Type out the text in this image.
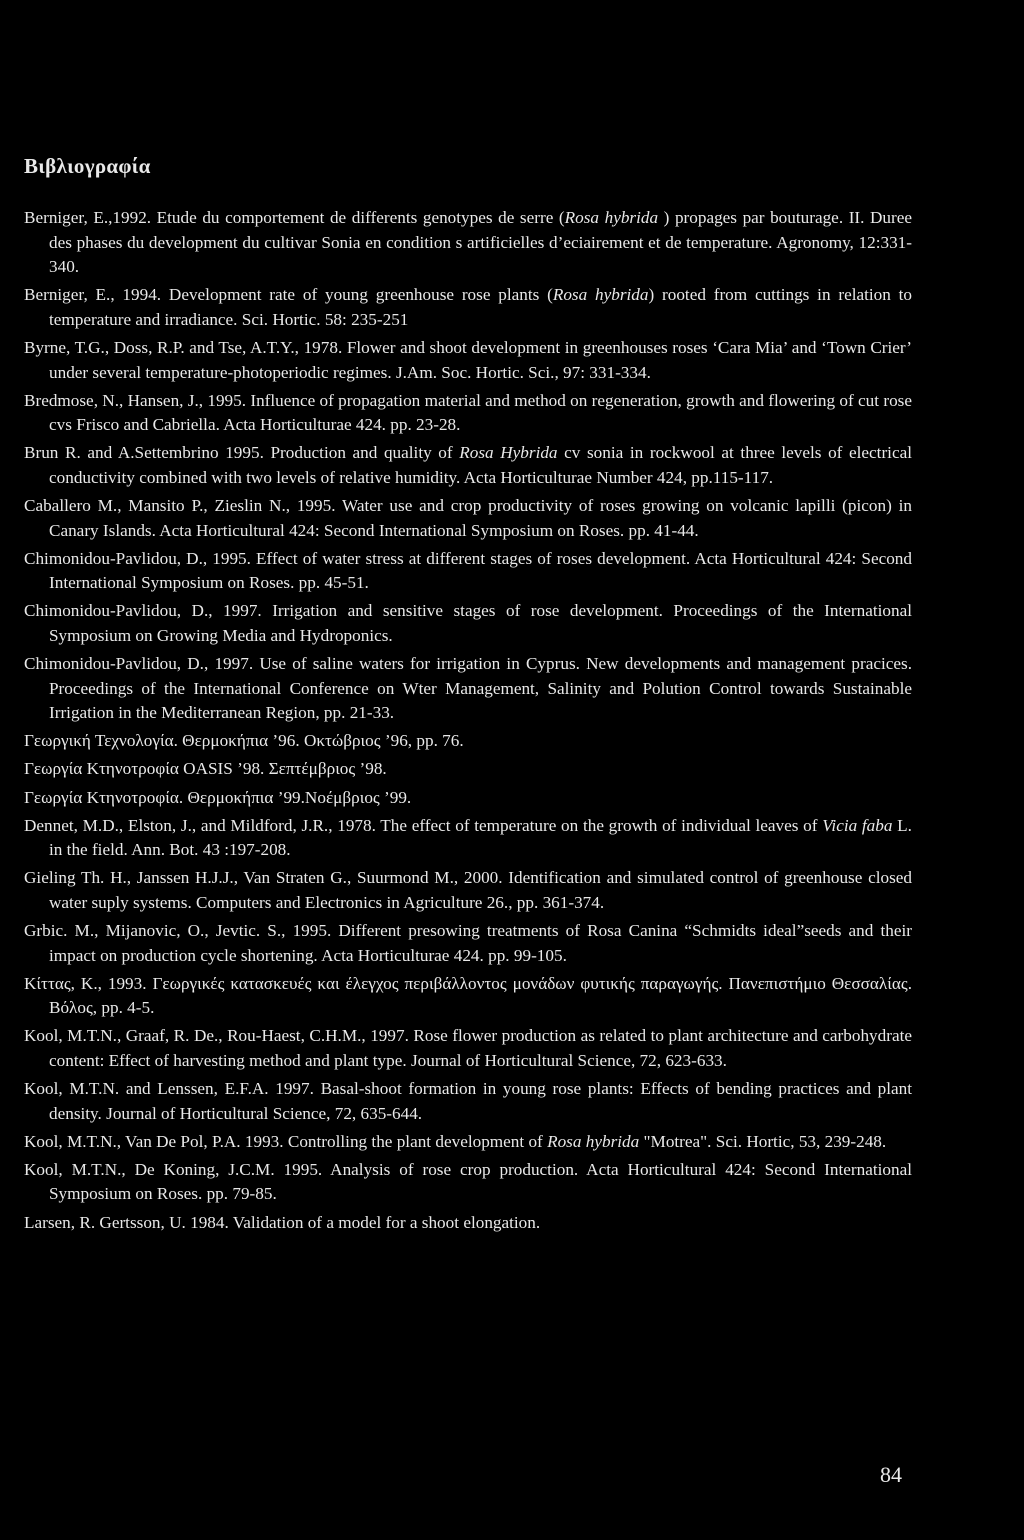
Βιβλιογραφία
Berniger, E.,1992. Etude du comportement de differents genotypes de serre (Rosa hybrida ) propages par bouturage. II. Duree des phases du development du cultivar Sonia en condition s artificielles d’eciairement et de temperature. Agronomy, 12:331-340.
Berniger, E., 1994. Development rate of young greenhouse rose plants (Rosa hybrida) rooted from cuttings in relation to temperature and irradiance. Sci. Hortic. 58: 235-251
Byrne, T.G., Doss, R.P. and Tse, A.T.Y., 1978. Flower and shoot development in greenhouses roses ‘Cara Mia’ and ‘Town Crier’ under several temperature-photoperiodic regimes. J.Am. Soc. Hortic. Sci., 97: 331-334.
Bredmose, N., Hansen, J., 1995. Influence of propagation material and method on regeneration, growth and flowering of cut rose cvs Frisco and Cabriella. Acta Horticulturae 424. pp. 23-28.
Brun R. and A.Settembrino 1995. Production and quality of Rosa Hybrida cv sonia in rockwool at three levels of electrical conductivity combined with two levels of relative humidity. Acta Horticulturae Number 424, pp.115-117.
Caballero M., Mansito P., Zieslin N., 1995. Water use and crop productivity of roses growing on volcanic lapilli (picon) in Canary Islands. Acta Horticultural 424: Second International Symposium on Roses. pp. 41-44.
Chimonidou-Pavlidou, D., 1995. Effect of water stress at different stages of roses development. Acta Horticultural 424: Second International Symposium on Roses. pp. 45-51.
Chimonidou-Pavlidou, D., 1997. Irrigation and sensitive stages of rose development. Proceedings of the International Symposium on Growing Media and Hydroponics.
Chimonidou-Pavlidou, D., 1997. Use of saline waters for irrigation in Cyprus. New developments and management pracices. Proceedings of the International Conference on Wter Management, Salinity and Polution Control towards Sustainable Irrigation in the Mediterranean Region, pp. 21-33.
Γεωργική Τεχνολογία. Θερμοκήπια ’96. Οκτώβριος ’96, pp. 76.
Γεωργία Κτηνοτροφία OASIS ’98. Σεπτέμβριος ’98.
Γεωργία Κτηνοτροφία. Θερμοκήπια ’99.Νοέμβριος ’99.
Dennet, M.D., Elston, J., and Mildford, J.R., 1978. The effect of temperature on the growth of individual leaves of Vicia faba L. in the field. Ann. Bot. 43 :197-208.
Gieling Th. H., Janssen H.J.J., Van Straten G., Suurmond M., 2000. Identification and simulated control of greenhouse closed water suply systems. Computers and Electronics in Agriculture 26., pp. 361-374.
Grbic. M., Mijanovic, O., Jevtic. S., 1995. Different presowing treatments of Rosa Canina “Schmidts ideal”seeds and their impact on production cycle shortening. Acta Horticulturae 424. pp. 99-105.
Κίττας, Κ., 1993. Γεωργικές κατασκευές και έλεγχος περιβάλλοντος μονάδων φυτικής παραγωγής. Πανεπιστήμιο Θεσσαλίας. Βόλος, pp. 4-5.
Kool, M.T.N., Graaf, R. De., Rou-Haest, C.H.M., 1997. Rose flower production as related to plant architecture and carbohydrate content: Effect of harvesting method and plant type. Journal of Horticultural Science, 72, 623-633.
Kool, M.T.N. and Lenssen, E.F.A. 1997. Basal-shoot formation in young rose plants: Effects of bending practices and plant density. Journal of Horticultural Science, 72, 635-644.
Kool, M.T.N., Van De Pol, P.A. 1993. Controlling the plant development of Rosa hybrida "Motrea". Sci. Hortic, 53, 239-248.
Kool, M.T.N., De Koning, J.C.M. 1995. Analysis of rose crop production. Acta Horticultural 424: Second International Symposium on Roses. pp. 79-85.
Larsen, R. Gertsson, U. 1984. Validation of a model for a shoot elongation.
84
